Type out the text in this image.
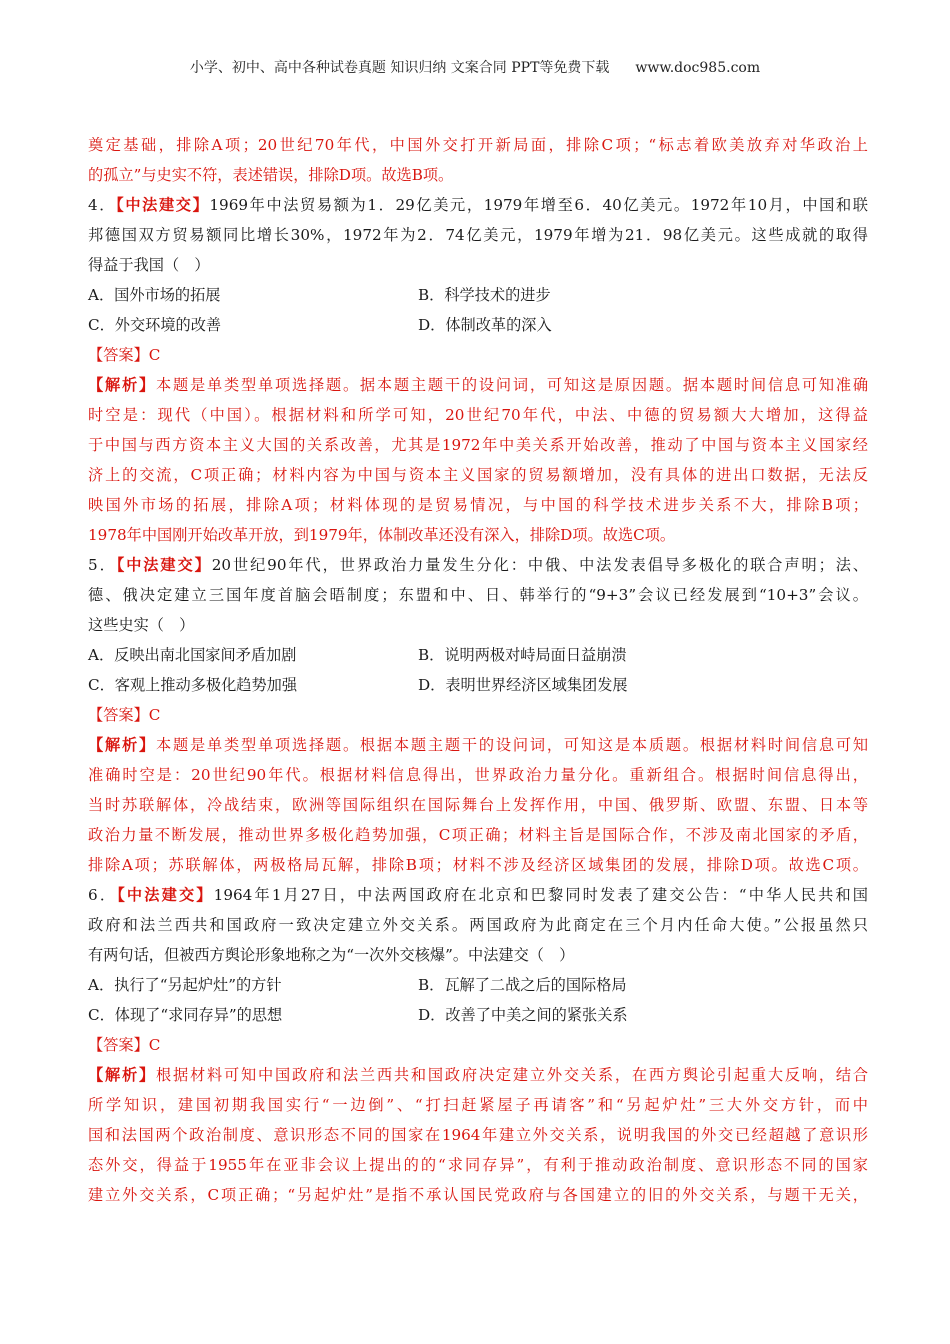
小学、初中、高中各种试卷真题 知识归纳 文案合同 PPT等免费下载 www.doc985.com
奠定基础，排除A项；20世纪70年代，中国外交打开新局面，排除C项；“标志着欧美放弃对华政治上
的孤立”与史实不符，表述错误，排除D项。故选B项。
4．【中法建交】1969年中法贸易额为1．29亿美元，1979年增至6．40亿美元。1972年10月，中国和联
邦德国双方贸易额同比增长30%，1972年为2．74亿美元，1979年增为21．98亿美元。这些成就的取得
得益于我国（　）
A．国外市场的拓展	B．科学技术的进步
C．外交环境的改善	D．体制改革的深入
【答案】C
【解析】本题是单类型单项选择题。据本题主题干的设问词，可知这是原因题。据本题时间信息可知准确
时空是：现代（中国）。根据材料和所学可知，20世纪70年代，中法、中德的贸易额大大增加，这得益
于中国与西方资本主义大国的关系改善，尤其是1972年中美关系开始改善，推动了中国与资本主义国家经
济上的交流，C项正确；材料内容为中国与资本主义国家的贸易额增加，没有具体的进出口数据，无法反
映国外市场的拓展，排除A项；材料体现的是贸易情况，与中国的科学技术进步关系不大，排除B项；
1978年中国刚开始改革开放，到1979年，体制改革还没有深入，排除D项。故选C项。
5．【中法建交】20世纪90年代，世界政治力量发生分化：中俄、中法发表倡导多极化的联合声明；法、
德、俄决定建立三国年度首脑会晤制度；东盟和中、日、韩举行的“9+3”会议已经发展到“10+3”会议。
这些史实（　）
A．反映出南北国家间矛盾加剧	B．说明两极对峙局面日益崩溃
C．客观上推动多极化趋势加强	D．表明世界经济区域集团发展
【答案】C
【解析】本题是单类型单项选择题。根据本题主题干的设问词，可知这是本质题。根据材料时间信息可知
准确时空是：20世纪90年代。根据材料信息得出，世界政治力量分化。重新组合。根据时间信息得出，
当时苏联解体，冷战结束，欧洲等国际组织在国际舞台上发挥作用，中国、俄罗斯、欧盟、东盟、日本等
政治力量不断发展，推动世界多极化趋势加强，C项正确；材料主旨是国际合作，不涉及南北国家的矛盾，
排除A项；苏联解体，两极格局瓦解，排除B项；材料不涉及经济区域集团的发展，排除D项。故选C项。
6．【中法建交】1964年1月27日，中法两国政府在北京和巴黎同时发表了建交公告：“中华人民共和国
政府和法兰西共和国政府一致决定建立外交关系。两国政府为此商定在三个月内任命大使。”公报虽然只
有两句话，但被西方舆论形象地称之为“一次外交核爆”。中法建交（　）
A．执行了“另起炉灶”的方针	B．瓦解了二战之后的国际格局
C．体现了“求同存异”的思想	D．改善了中美之间的紧张关系
【答案】C
【解析】根据材料可知中国政府和法兰西共和国政府决定建立外交关系，在西方舆论引起重大反响，结合
所学知识，建国初期我国实行“一边倒”、“打扫赶紧屋子再请客”和“另起炉灶”三大外交方针，而中
国和法国两个政治制度、意识形态不同的国家在1964年建立外交关系，说明我国的外交已经超越了意识形
态外交，得益于1955年在亚非会议上提出的的“求同存异”，有利于推动政治制度、意识形态不同的国家
建立外交关系，C项正确；“另起炉灶”是指不承认国民党政府与各国建立的旧的外交关系，与题干无关，
